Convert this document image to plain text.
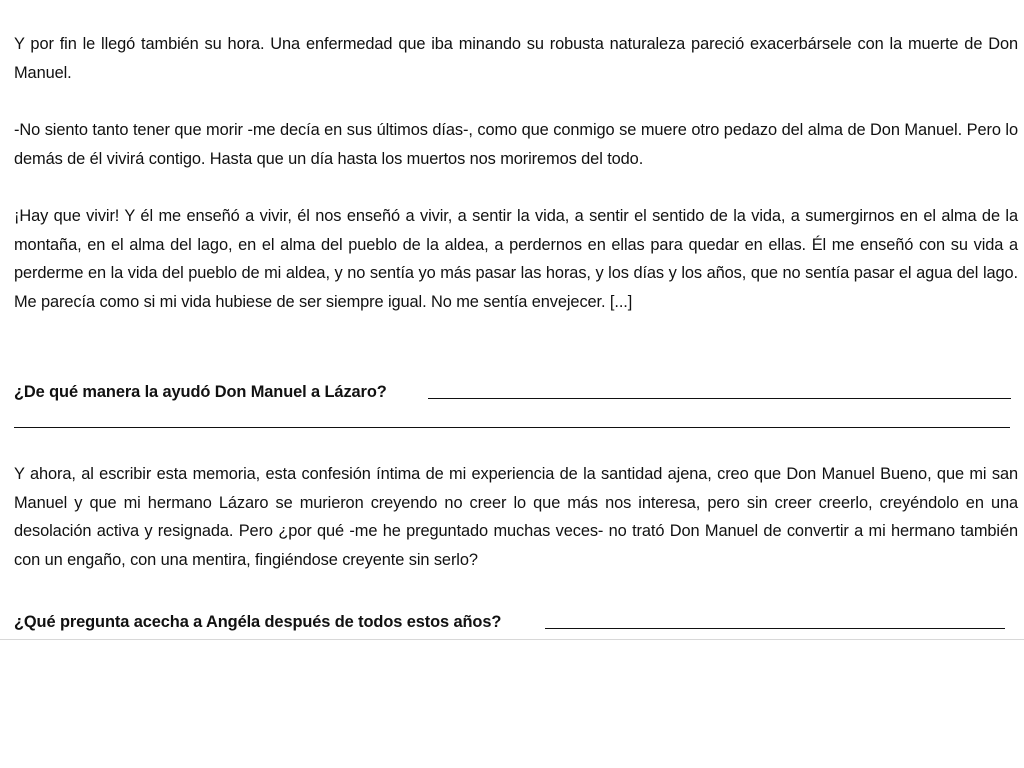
Y por fin le llegó también su hora. Una enfermedad que iba minando su robusta naturaleza pareció exacerbársele con la muerte de Don Manuel.

-No siento tanto tener que morir -me decía en sus últimos días-, como que conmigo se muere otro pedazo del alma de Don Manuel. Pero lo demás de él vivirá contigo. Hasta que un día hasta los muertos nos moriremos del todo.

¡Hay que vivir! Y él me enseñó a vivir, él nos enseñó a vivir, a sentir la vida, a sentir el sentido de la vida, a sumergirnos en el alma de la montaña, en el alma del lago, en el alma del pueblo de la aldea, a perdernos en ellas para quedar en ellas. Él me enseñó con su vida a perderme en la vida del pueblo de mi aldea, y no sentía yo más pasar las horas, y los días y los años, que no sentía pasar el agua del lago. Me parecía como si mi vida hubiese de ser siempre igual. No me sentía envejecer. [...]

¿De qué manera la ayudó Don Manuel a Lázaro?

Y ahora, al escribir esta memoria, esta confesión íntima de mi experiencia de la santidad ajena, creo que Don Manuel Bueno, que mi san Manuel y que mi hermano Lázaro se murieron creyendo no creer lo que más nos interesa, pero sin creer creerlo, creyéndolo en una desolación activa y resignada. Pero ¿por qué -me he preguntado muchas veces- no trató Don Manuel de convertir a mi hermano también con un engaño, con una mentira, fingiéndose creyente sin serlo?

¿Qué pregunta acecha a Angéla después de todos estos años?
